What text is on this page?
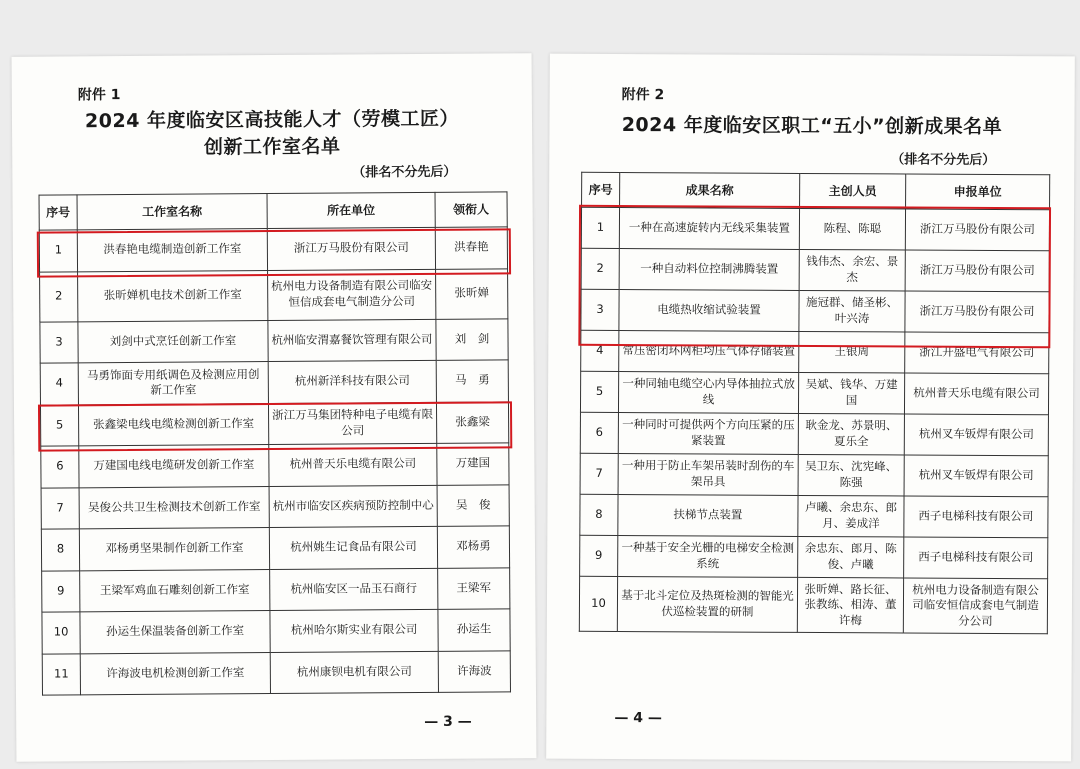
附件 1
2024 年度临安区高技能人才（劳模工匠）
创新工作室名单
（排名不分先后）
序号	工作室名称	所在单位	领衔人
1	洪春艳电缆制造创新工作室	浙江万马股份有限公司	洪春艳
2	张昕婵机电技术创新工作室	杭州电力设备制造有限公司临安恒信成套电气制造分公司	张昕婵
3	刘剑中式烹饪创新工作室	杭州临安渭嘉餐饮管理有限公司	刘　剑
4	马勇饰面专用纸调色及检测应用创新工作室	杭州新洋科技有限公司	马　勇
5	张鑫梁电线电缆检测创新工作室	浙江万马集团特种电子电缆有限公司	张鑫梁
6	万建国电线电缆研发创新工作室	杭州普天乐电缆有限公司	万建国
7	吴俊公共卫生检测技术创新工作室	杭州市临安区疾病预防控制中心	吴　俊
8	邓杨勇坚果制作创新工作室	杭州姚生记食品有限公司	邓杨勇
9	王梁军鸡血石雕刻创新工作室	杭州临安区一品玉石商行	王梁军
10	孙运生保温装备创新工作室	杭州哈尔斯实业有限公司	孙运生
11	许海波电机检测创新工作室	杭州康钡电机有限公司	许海波
— 3 —
附件 2
2024 年度临安区职工“五小”创新成果名单
（排名不分先后）
序号	成果名称	主创人员	申报单位
1	一种在高速旋转内无线采集装置	陈程、陈聪	浙江万马股份有限公司
2	一种自动料位控制沸腾装置	钱伟杰、余宏、景杰	浙江万马股份有限公司
3	电缆热收缩试验装置	施冠群、储圣彬、叶兴涛	浙江万马股份有限公司
4	常压密闭环网柜均压气体存储装置	王银周	浙江开盛电气有限公司
5	一种同轴电缆空心内导体抽拉式放线	吴斌、钱华、万建国	杭州普天乐电缆有限公司
6	一种同时可提供两个方向压紧的压紧装置	耿金龙、苏景明、夏乐全	杭州叉车钣焊有限公司
7	一种用于防止车架吊装时刮伤的车架吊具	吴卫东、沈宪峰、陈强	杭州叉车钣焊有限公司
8	扶梯节点装置	卢曦、余忠东、郎月、姜成洋	西子电梯科技有限公司
9	一种基于安全光栅的电梯安全检测系统	余忠东、郎月、陈俊、卢曦	西子电梯科技有限公司
10	基于北斗定位及热斑检测的智能光伏巡检装置的研制	张昕婵、路长征、张教练、相涛、董许梅	杭州电力设备制造有限公司临安恒信成套电气制造分公司
— 4 —
